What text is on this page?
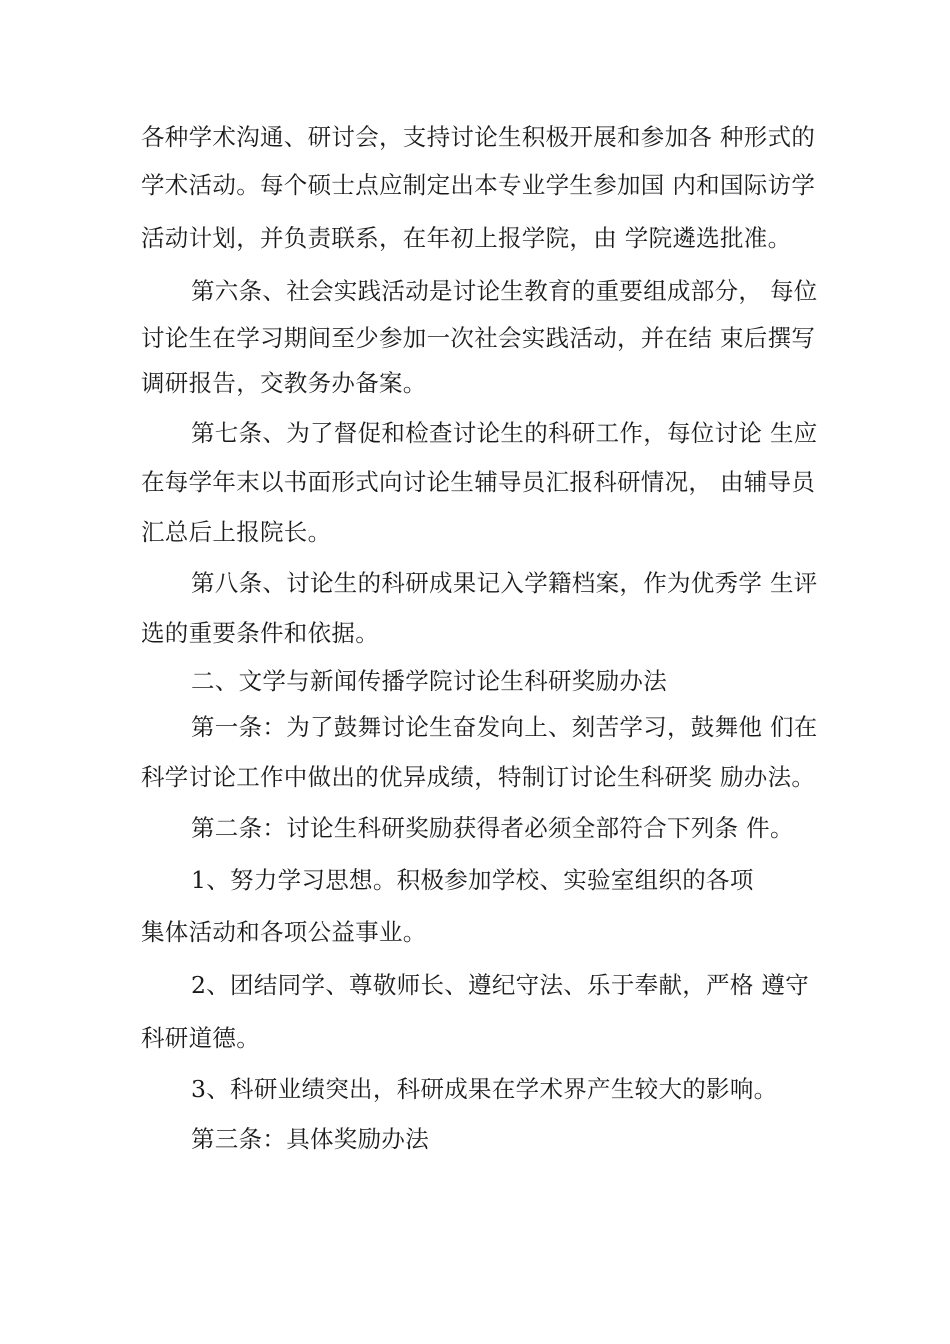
各种学术沟通、研讨会，支持讨论生积极开展和参加各 种形式的
学术活动。每个硕士点应制定出本专业学生参加国 内和国际访学
活动计划，并负责联系，在年初上报学院，由 学院遴选批准。
第六条、社会实践活动是讨论生教育的重要组成部分， 每位
讨论生在学习期间至少参加一次社会实践活动，并在结 束后撰写
调研报告，交教务办备案。
第七条、为了督促和检查讨论生的科研工作，每位讨论 生应
在每学年末以书面形式向讨论生辅导员汇报科研情况， 由辅导员
汇总后上报院长。
第八条、讨论生的科研成果记入学籍档案，作为优秀学 生评
选的重要条件和依据。
二、文学与新闻传播学院讨论生科研奖励办法
第一条：为了鼓舞讨论生奋发向上、刻苦学习，鼓舞他 们在
科学讨论工作中做出的优异成绩，特制订讨论生科研奖 励办法。
第二条：讨论生科研奖励获得者必须全部符合下列条 件。
1、努力学习思想。积极参加学校、实验室组织的各项
集体活动和各项公益事业。
2、团结同学、尊敬师长、遵纪守法、乐于奉献，严格 遵守
科研道德。
3、科研业绩突出，科研成果在学术界产生较大的影响。
第三条：具体奖励办法
